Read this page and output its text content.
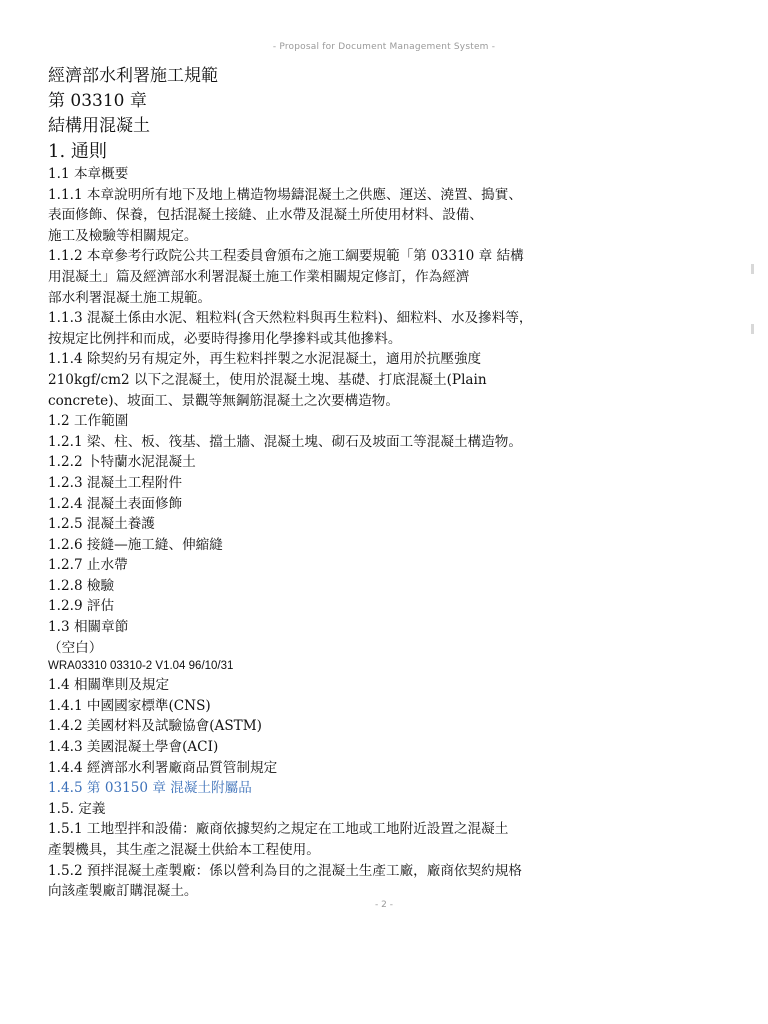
- Proposal for Document Management System -

經濟部水利署施工規範

第 03310 章

結構用混凝土

1. 通則

1.1 本章概要

1.1.1 本章說明所有地下及地上構造物場鑄混凝土之供應、運送、澆置、搗實、

表面修飾、保養，包括混凝土接縫、止水帶及混凝土所使用材料、設備、

施工及檢驗等相關規定。

1.1.2 本章參考行政院公共工程委員會頒布之施工綱要規範「第 03310 章 結構

用混凝土」篇及經濟部水利署混凝土施工作業相關規定修訂，作為經濟

部水利署混凝土施工規範。

1.1.3 混凝土係由水泥、粗粒料(含天然粒料與再生粒料)、細粒料、水及摻料等，

按規定比例拌和而成，必要時得摻用化學摻料或其他摻料。

1.1.4 除契約另有規定外，再生粒料拌製之水泥混凝土，適用於抗壓強度

210kgf/cm2 以下之混凝土，使用於混凝土塊、基礎、打底混凝土(Plain

concrete)、坡面工、景觀等無鋼筋混凝土之次要構造物。

1.2 工作範圍

1.2.1 梁、柱、板、筏基、擋土牆、混凝土塊、砌石及坡面工等混凝土構造物。

1.2.2 卜特蘭水泥混凝土

1.2.3 混凝土工程附件

1.2.4 混凝土表面修飾

1.2.5 混凝土養護

1.2.6 接縫—施工縫、伸縮縫

1.2.7 止水帶

1.2.8 檢驗

1.2.9 評估

1.3 相關章節

（空白）

WRA03310 03310-2 V1.04 96/10/31

1.4 相關準則及規定

1.4.1 中國國家標準(CNS)

1.4.2 美國材料及試驗協會(ASTM)

1.4.3 美國混凝土學會(ACI)

1.4.4 經濟部水利署廠商品質管制規定

1.4.5 第 03150 章 混凝土附屬品

1.5. 定義

1.5.1 工地型拌和設備：廠商依據契約之規定在工地或工地附近設置之混凝土

產製機具，其生產之混凝土供給本工程使用。

1.5.2 預拌混凝土產製廠：係以營利為目的之混凝土生產工廠，廠商依契約規格

向該產製廠訂購混凝土。

- 2 -
